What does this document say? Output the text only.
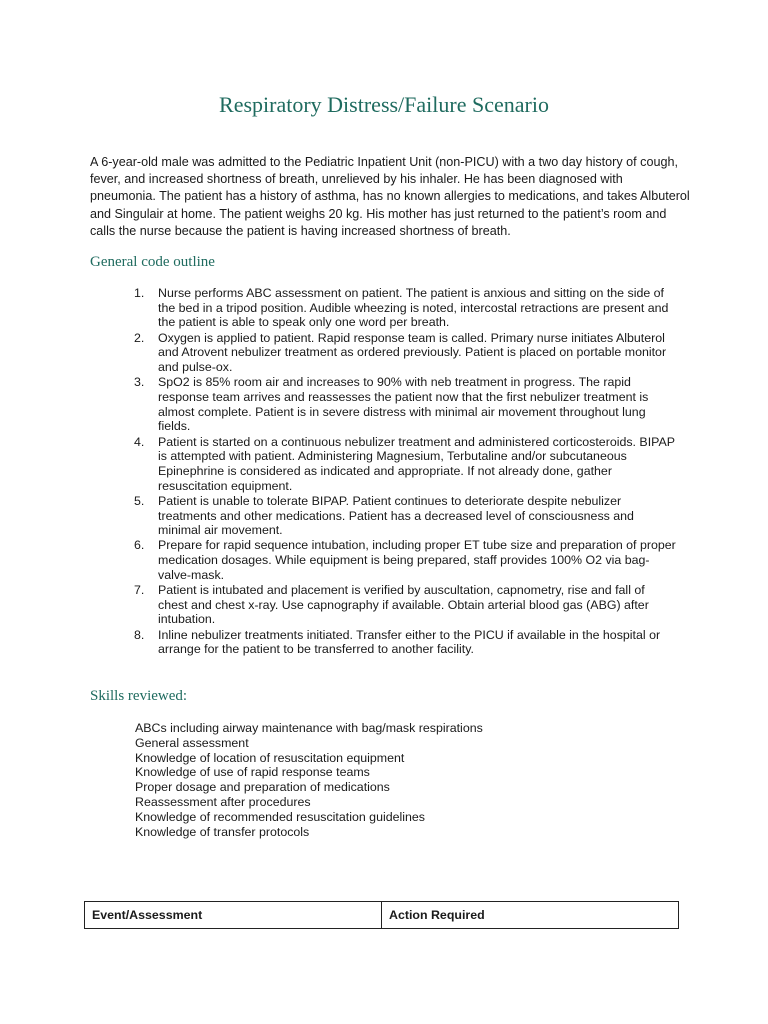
Respiratory Distress/Failure Scenario

A 6-year-old male was admitted to the Pediatric Inpatient Unit (non-PICU) with a two day history of cough, fever, and increased shortness of breath, unrelieved by his inhaler. He has been diagnosed with pneumonia. The patient has a history of asthma, has no known allergies to medications, and takes Albuterol and Singulair at home. The patient weighs 20 kg. His mother has just returned to the patient’s room and calls the nurse because the patient is having increased shortness of breath.

General code outline
1. Nurse performs ABC assessment on patient. The patient is anxious and sitting on the side of the bed in a tripod position. Audible wheezing is noted, intercostal retractions are present and the patient is able to speak only one word per breath.
2. Oxygen is applied to patient. Rapid response team is called. Primary nurse initiates Albuterol and Atrovent nebulizer treatment as ordered previously. Patient is placed on portable monitor and pulse-ox.
3. SpO2 is 85% room air and increases to 90% with neb treatment in progress. The rapid response team arrives and reassesses the patient now that the first nebulizer treatment is almost complete. Patient is in severe distress with minimal air movement throughout lung fields.
4. Patient is started on a continuous nebulizer treatment and administered corticosteroids. BIPAP is attempted with patient. Administering Magnesium, Terbutaline and/or subcutaneous Epinephrine is considered as indicated and appropriate. If not already done, gather resuscitation equipment.
5. Patient is unable to tolerate BIPAP. Patient continues to deteriorate despite nebulizer treatments and other medications. Patient has a decreased level of consciousness and minimal air movement.
6. Prepare for rapid sequence intubation, including proper ET tube size and preparation of proper medication dosages. While equipment is being prepared, staff provides 100% O2 via bag-valve-mask.
7. Patient is intubated and placement is verified by auscultation, capnometry, rise and fall of chest and chest x-ray. Use capnography if available. Obtain arterial blood gas (ABG) after intubation.
8. Inline nebulizer treatments initiated. Transfer either to the PICU if available in the hospital or arrange for the patient to be transferred to another facility.
Skills reviewed:
ABCs including airway maintenance with bag/mask respirations
General assessment
Knowledge of location of resuscitation equipment
Knowledge of use of rapid response teams
Proper dosage and preparation of medications
Reassessment after procedures
Knowledge of recommended resuscitation guidelines
Knowledge of transfer protocols
Event/Assessment	Action Required
